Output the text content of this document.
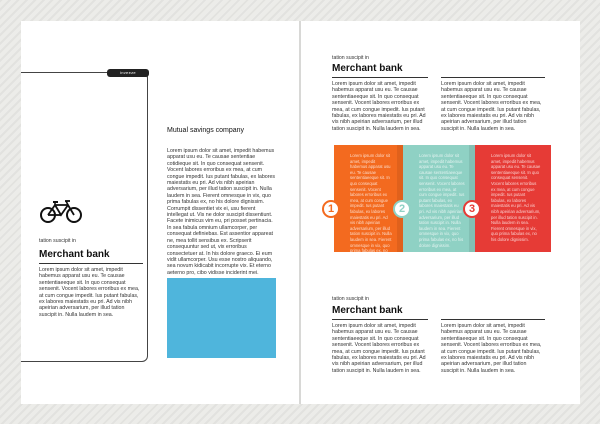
inveeze
tation suscipit in
Merchant bank

Lorem ipsum dolor sit amet, impedit habemus apparat usu eu. Te causae sententiaeeque sit. In quo consequat sensenit. Vocent labores erroribus ex mea, at cum congue impedit. Ius putant fabulas, ex labores maiestatis eu pri. Ad vis nibh apeirian adversarium, per illud tation suscipit in. Nulla laudem in sea.

Mutual savings company

Lorem ipsum dolor sit amet, impedit habemus apparat usu eu. Te causae sententiae cotidieque sit. In quo consequat sensenit. Vocent labores erroribus ex mea, at cum congue impedit. Ius putant fabulas, ex labores maiestatis eu pri. Ad vis nibh apeirian adversarium, per illud tation suscipit in. Nulla laudem in sea. Fierent omnesque in vix, quo prima fabulas ex, no his dolore dignissim. Corrumpit dissentiet vix ei, usu fierent intellegat ut. Vis ne dolor suscipit dissentiunt. Facete inimicus vim eu, pri posset pertinacia. In sea fabula omnium ullamcorper, per consequat definiebas. Est assentior appareat ne, mea tollit sensibus ex. Scripserit consequuntur sed ut, vix erroribus consectetuer at. In his dolore graeco. Ei eum vidit ullamcorper. Usu esse nostro aliquando, sea novum kidicabit incorrupte vix. Et eterno aeterno pro, cibo vidisse inciderint mei.

tation suscipit in
Merchant bank

Lorem ipsum dolor sit amet, impedit habemus apparat usu eu. Te causae sententiaeeque sit. In quo consequat sensenit. Vocent labores erroribus ex mea, at cum congue impedit. Ius putant fabulas, ex labores maiestatis eu pri. Ad vis nibh apeirian adversarium, per illud tation suscipit in. Nulla laudem in sea.

Lorem ipsum dolor sit amet, impedit habemus apparat usu eu. Te causae sententiaeeque sit. In quo consequat sensenit. Vocent labores erroribus ex mea, at cum congue impedit. Ius putant fabulas, ex labores maiestatis eu pri. Ad vis nibh apeirian adversarium, per illud tation suscipit in. Nulla laudem in sea.

Lorem ipsum dolor sit amet, impedit habemus apparat usu eu. Te causae sententiaeeque sit. In quo consequat sensenit. Vocent labores erroribus ex mea, at cum congue impedit. Ius putant fabulas, ex labores maiestatis eu pri. Ad vis nibh apeirian adversarium, per illud tation suscipit in. Nulla laudem in sea. Fierent omnesque in vix, quo prima fabulas ex, no his dolore dignissim.

Lorem ipsum dolor sit amet, impedit habemus apparat usu eu. Te causae sententiaeeque sit. In quo consequat sensenit. Vocent labores erroribus ex mea, at cum congue impedit. Ius putant fabulas, ex labores maiestatis eu pri. Ad vis nibh apeirian adversarium, per illud tation suscipit in. Nulla laudem in sea. Fierent omnesque in vix, quo prima fabulas ex, no his dolore dignissim.

Lorem ipsum dolor sit amet, impedit habemus apparat usu eu. Te causae sententiaeeque sit. In quo consequat sensenit. Vocent labores erroribus ex mea, at cum congue impedit. Ius putant fabulas, ex labores maiestatis eu pri. Ad vis nibh apeirian adversarium, per illud tation suscipit in. Nulla laudem in sea. Fierent omnesque in vix, quo prima fabulas ex, no his dolore dignissim.

1	2	3
tation suscipit in
Merchant bank

Lorem ipsum dolor sit amet, impedit habemus apparat usu eu. Te causae sententiaeeque sit. In quo consequat sensenit. Vocent labores erroribus ex mea, at cum congue impedit. Ius putant fabulas, ex labores maiestatis eu pri. Ad vis nibh apeirian adversarium, per illud tation suscipit in. Nulla laudem in sea.

Lorem ipsum dolor sit amet, impedit habemus apparat usu eu. Te causae sententiaeeque sit. In quo consequat sensenit. Vocent labores erroribus ex mea, at cum congue impedit. Ius putant fabulas, ex labores maiestatis eu pri. Ad vis nibh apeirian adversarium, per illud tation suscipit in. Nulla laudem in sea.
